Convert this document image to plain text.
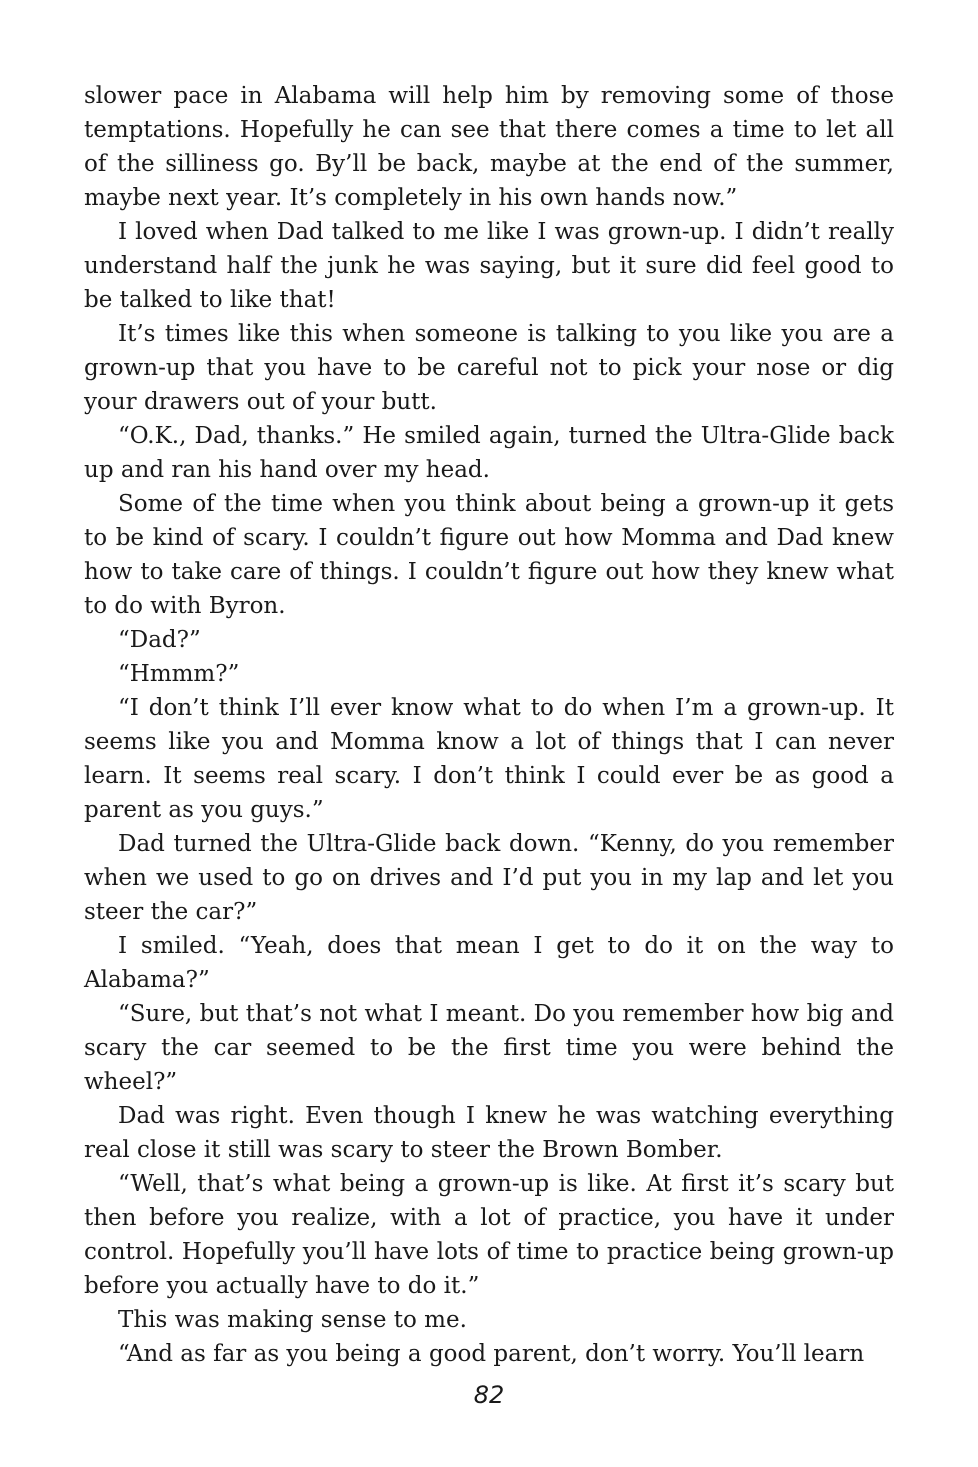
slower pace in Alabama will help him by removing some of those temptations. Hopefully he can see that there comes a time to let all of the silliness go. By’ll be back, maybe at the end of the summer, maybe next year. It’s completely in his own hands now.”

I loved when Dad talked to me like I was grown-up. I didn’t really understand half the junk he was saying, but it sure did feel good to be talked to like that!

It’s times like this when someone is talking to you like you are a grown-up that you have to be careful not to pick your nose or dig your drawers out of your butt.

“O.K., Dad, thanks.” He smiled again, turned the Ultra-Glide back up and ran his hand over my head.

Some of the time when you think about being a grown-up it gets to be kind of scary. I couldn’t figure out how Momma and Dad knew how to take care of things. I couldn’t figure out how they knew what to do with Byron.

“Dad?”

“Hmmm?”

“I don’t think I’ll ever know what to do when I’m a grown-up. It seems like you and Momma know a lot of things that I can never learn. It seems real scary. I don’t think I could ever be as good a parent as you guys.”

Dad turned the Ultra-Glide back down. “Kenny, do you remember when we used to go on drives and I’d put you in my lap and let you steer the car?”

I smiled. “Yeah, does that mean I get to do it on the way to Alabama?”

“Sure, but that’s not what I meant. Do you remember how big and scary the car seemed to be the first time you were behind the wheel?”

Dad was right. Even though I knew he was watching everything real close it still was scary to steer the Brown Bomber.

“Well, that’s what being a grown-up is like. At first it’s scary but then before you realize, with a lot of practice, you have it under control. Hopefully you’ll have lots of time to practice being grown-up before you actually have to do it.”

This was making sense to me.

“And as far as you being a good parent, don’t worry. You’ll learn

82
